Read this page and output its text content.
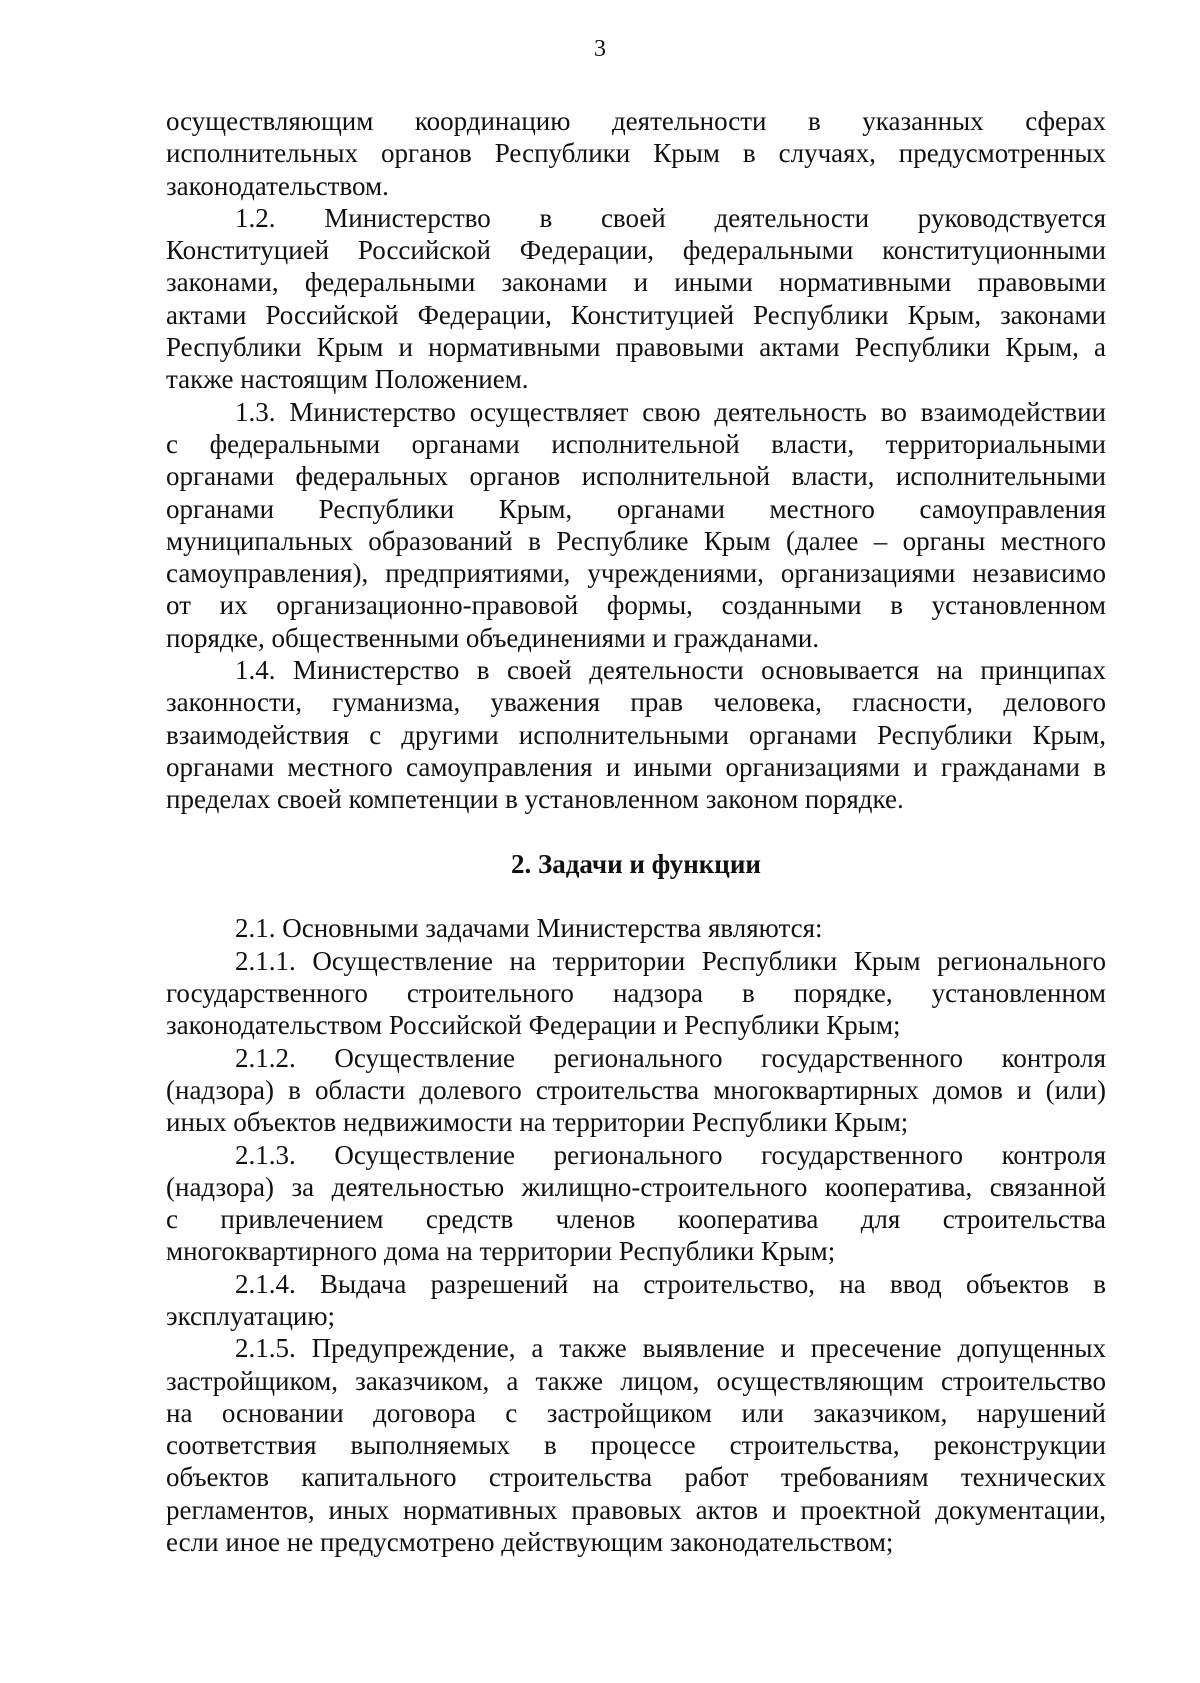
3
осуществляющим координацию деятельности в указанных сферах
исполнительных органов Республики Крым в случаях, предусмотренных
законодательством.
1.2. Министерство в своей деятельности руководствуется
Конституцией Российской Федерации, федеральными конституционными
законами, федеральными законами и иными нормативными правовыми
актами Российской Федерации, Конституцией Республики Крым, законами
Республики Крым и нормативными правовыми актами Республики Крым, а
также настоящим Положением.
1.3. Министерство осуществляет свою деятельность во взаимодействии
с федеральными органами исполнительной власти, территориальными
органами федеральных органов исполнительной власти, исполнительными
органами Республики Крым, органами местного самоуправления
муниципальных образований в Республике Крым (далее – органы местного
самоуправления), предприятиями, учреждениями, организациями независимо
от их организационно-правовой формы, созданными в установленном
порядке, общественными объединениями и гражданами.
1.4. Министерство в своей деятельности основывается на принципах
законности, гуманизма, уважения прав человека, гласности, делового
взаимодействия с другими исполнительными органами Республики Крым,
органами местного самоуправления и иными организациями и гражданами в
пределах своей компетенции в установленном законом порядке.
2. Задачи и функции
2.1. Основными задачами Министерства являются:
2.1.1. Осуществление на территории Республики Крым регионального
государственного строительного надзора в порядке, установленном
законодательством Российской Федерации и Республики Крым;
2.1.2. Осуществление регионального государственного контроля
(надзора) в области долевого строительства многоквартирных домов и (или)
иных объектов недвижимости на территории Республики Крым;
2.1.3. Осуществление регионального государственного контроля
(надзора) за деятельностью жилищно-строительного кооператива, связанной
с привлечением средств членов кооператива для строительства
многоквартирного дома на территории Республики Крым;
2.1.4. Выдача разрешений на строительство, на ввод объектов в
эксплуатацию;
2.1.5. Предупреждение, а также выявление и пресечение допущенных
застройщиком, заказчиком, а также лицом, осуществляющим строительство
на основании договора с застройщиком или заказчиком, нарушений
соответствия выполняемых в процессе строительства, реконструкции
объектов капитального строительства работ требованиям технических
регламентов, иных нормативных правовых актов и проектной документации,
если иное не предусмотрено действующим законодательством;
